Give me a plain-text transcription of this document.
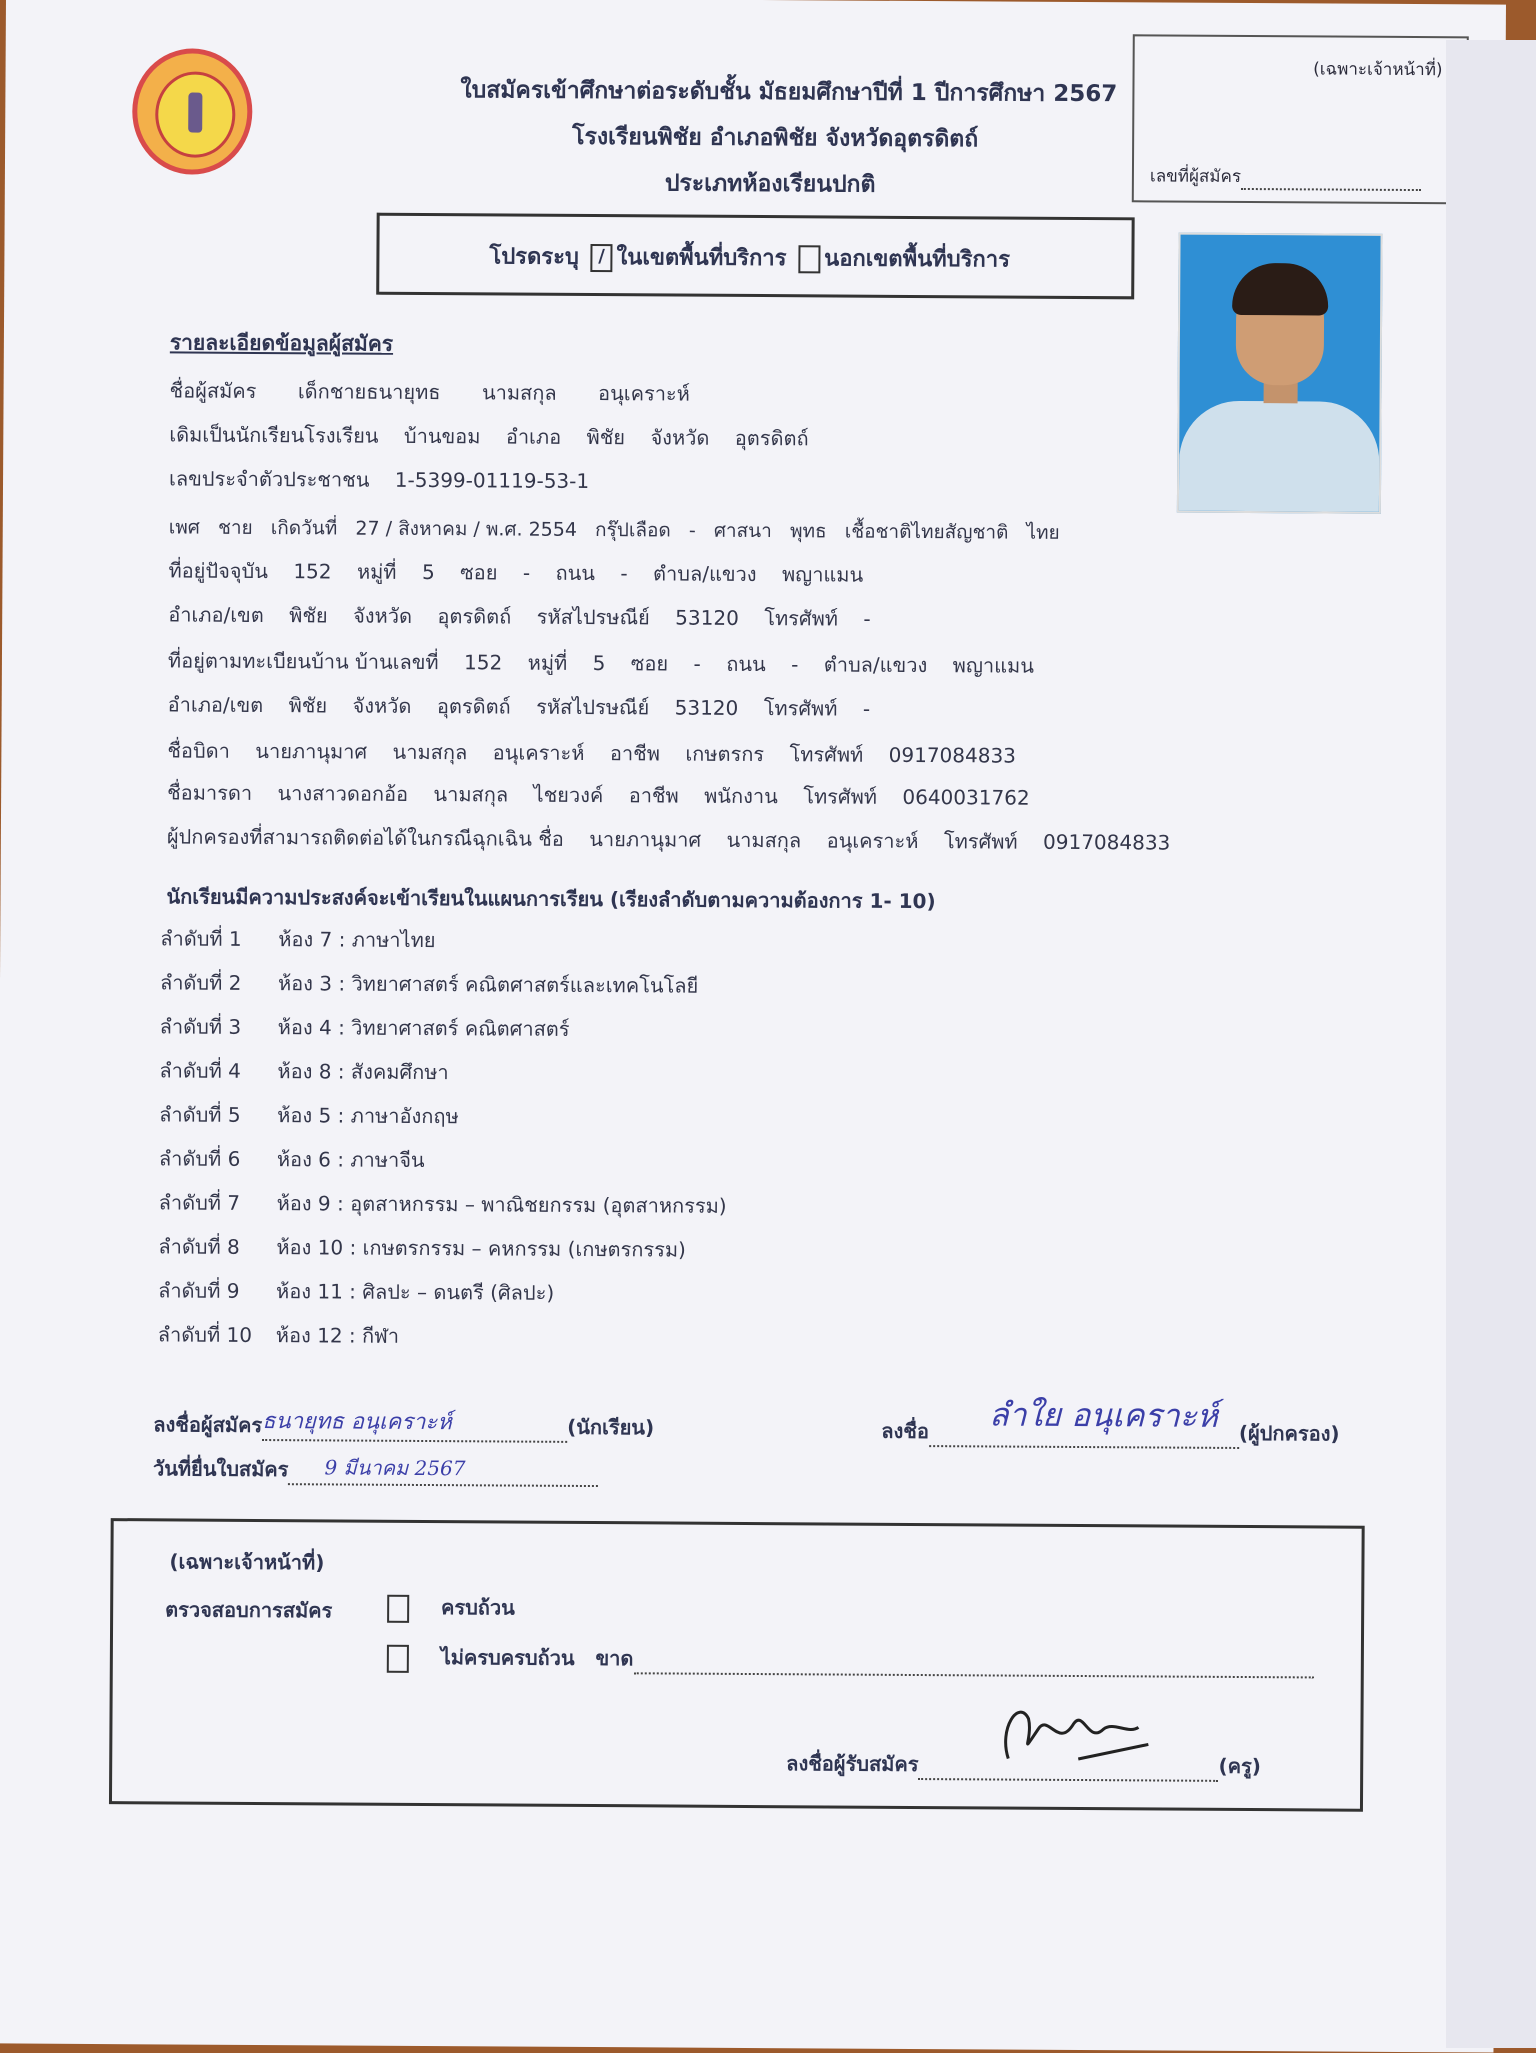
ใบสมัครเข้าศึกษาต่อระดับชั้น มัธยมศึกษาปีที่ 1 ปีการศึกษา 2567
โรงเรียนพิชัย อำเภอพิชัย จังหวัดอุตรดิตถ์
ประเภทห้องเรียนปกติ
(เฉพาะเจ้าหน้าที่)
เลขที่ผู้สมัคร
โปรดระบุ / ในเขตพื้นที่บริการ นอกเขตพื้นที่บริการ
รายละเอียดข้อมูลผู้สมัคร
ชื่อผู้สมัคร เด็กชายธนายุทธ นามสกุล อนุเคราะห์
เดิมเป็นนักเรียนโรงเรียน บ้านขอม อำเภอ พิชัย จังหวัด อุตรดิตถ์
เลขประจำตัวประชาชน 1-5399-01119-53-1
เพศ ชาย เกิดวันที่ 27 / สิงหาคม / พ.ศ. 2554 กรุ๊ปเลือด - ศาสนา พุทธ เชื้อชาติไทยสัญชาติ ไทย
ที่อยู่ปัจจุบัน 152 หมู่ที่ 5 ซอย - ถนน - ตำบล/แขวง พญาแมน
อำเภอ/เขต พิชัย จังหวัด อุตรดิตถ์ รหัสไปรษณีย์ 53120 โทรศัพท์ -
ที่อยู่ตามทะเบียนบ้าน บ้านเลขที่ 152 หมู่ที่ 5 ซอย - ถนน - ตำบล/แขวง พญาแมน
อำเภอ/เขต พิชัย จังหวัด อุตรดิตถ์ รหัสไปรษณีย์ 53120 โทรศัพท์ -
ชื่อบิดา นายภานุมาศ นามสกุล อนุเคราะห์ อาชีพ เกษตรกร โทรศัพท์ 0917084833
ชื่อมารดา นางสาวดอกอ้อ นามสกุล ไชยวงค์ อาชีพ พนักงาน โทรศัพท์ 0640031762
ผู้ปกครองที่สามารถติดต่อได้ในกรณีฉุกเฉิน ชื่อ นายภานุมาศ นามสกุล อนุเคราะห์ โทรศัพท์ 0917084833
นักเรียนมีความประสงค์จะเข้าเรียนในแผนการเรียน (เรียงลำดับตามความต้องการ 1- 10)
ลำดับที่ 1 ห้อง 7 : ภาษาไทย
ลำดับที่ 2 ห้อง 3 : วิทยาศาสตร์ คณิตศาสตร์และเทคโนโลยี
ลำดับที่ 3 ห้อง 4 : วิทยาศาสตร์ คณิตศาสตร์
ลำดับที่ 4 ห้อง 8 : สังคมศึกษา
ลำดับที่ 5 ห้อง 5 : ภาษาอังกฤษ
ลำดับที่ 6 ห้อง 6 : ภาษาจีน
ลำดับที่ 7 ห้อง 9 : อุตสาหกรรม – พาณิชยกรรม (อุตสาหกรรม)
ลำดับที่ 8 ห้อง 10 : เกษตรกรรม – คหกรรม (เกษตรกรรม)
ลำดับที่ 9 ห้อง 11 : ศิลปะ – ดนตรี (ศิลปะ)
ลำดับที่ 10 ห้อง 12 : กีฬา
ลงชื่อผู้สมัคร ธนายุทธ อนุเคราะห์	(นักเรียน)	ลงชื่อ ลำใย อนุเคราะห์ (ผู้ปกครอง)
วันที่ยื่นใบสมัคร 9 มีนาคม 2567
(เฉพาะเจ้าหน้าที่)
ตรวจสอบการสมัคร	ครบถ้วน
ไม่ครบครบถ้วน ขาด
ลงชื่อผู้รับสมัคร	(ครู)
